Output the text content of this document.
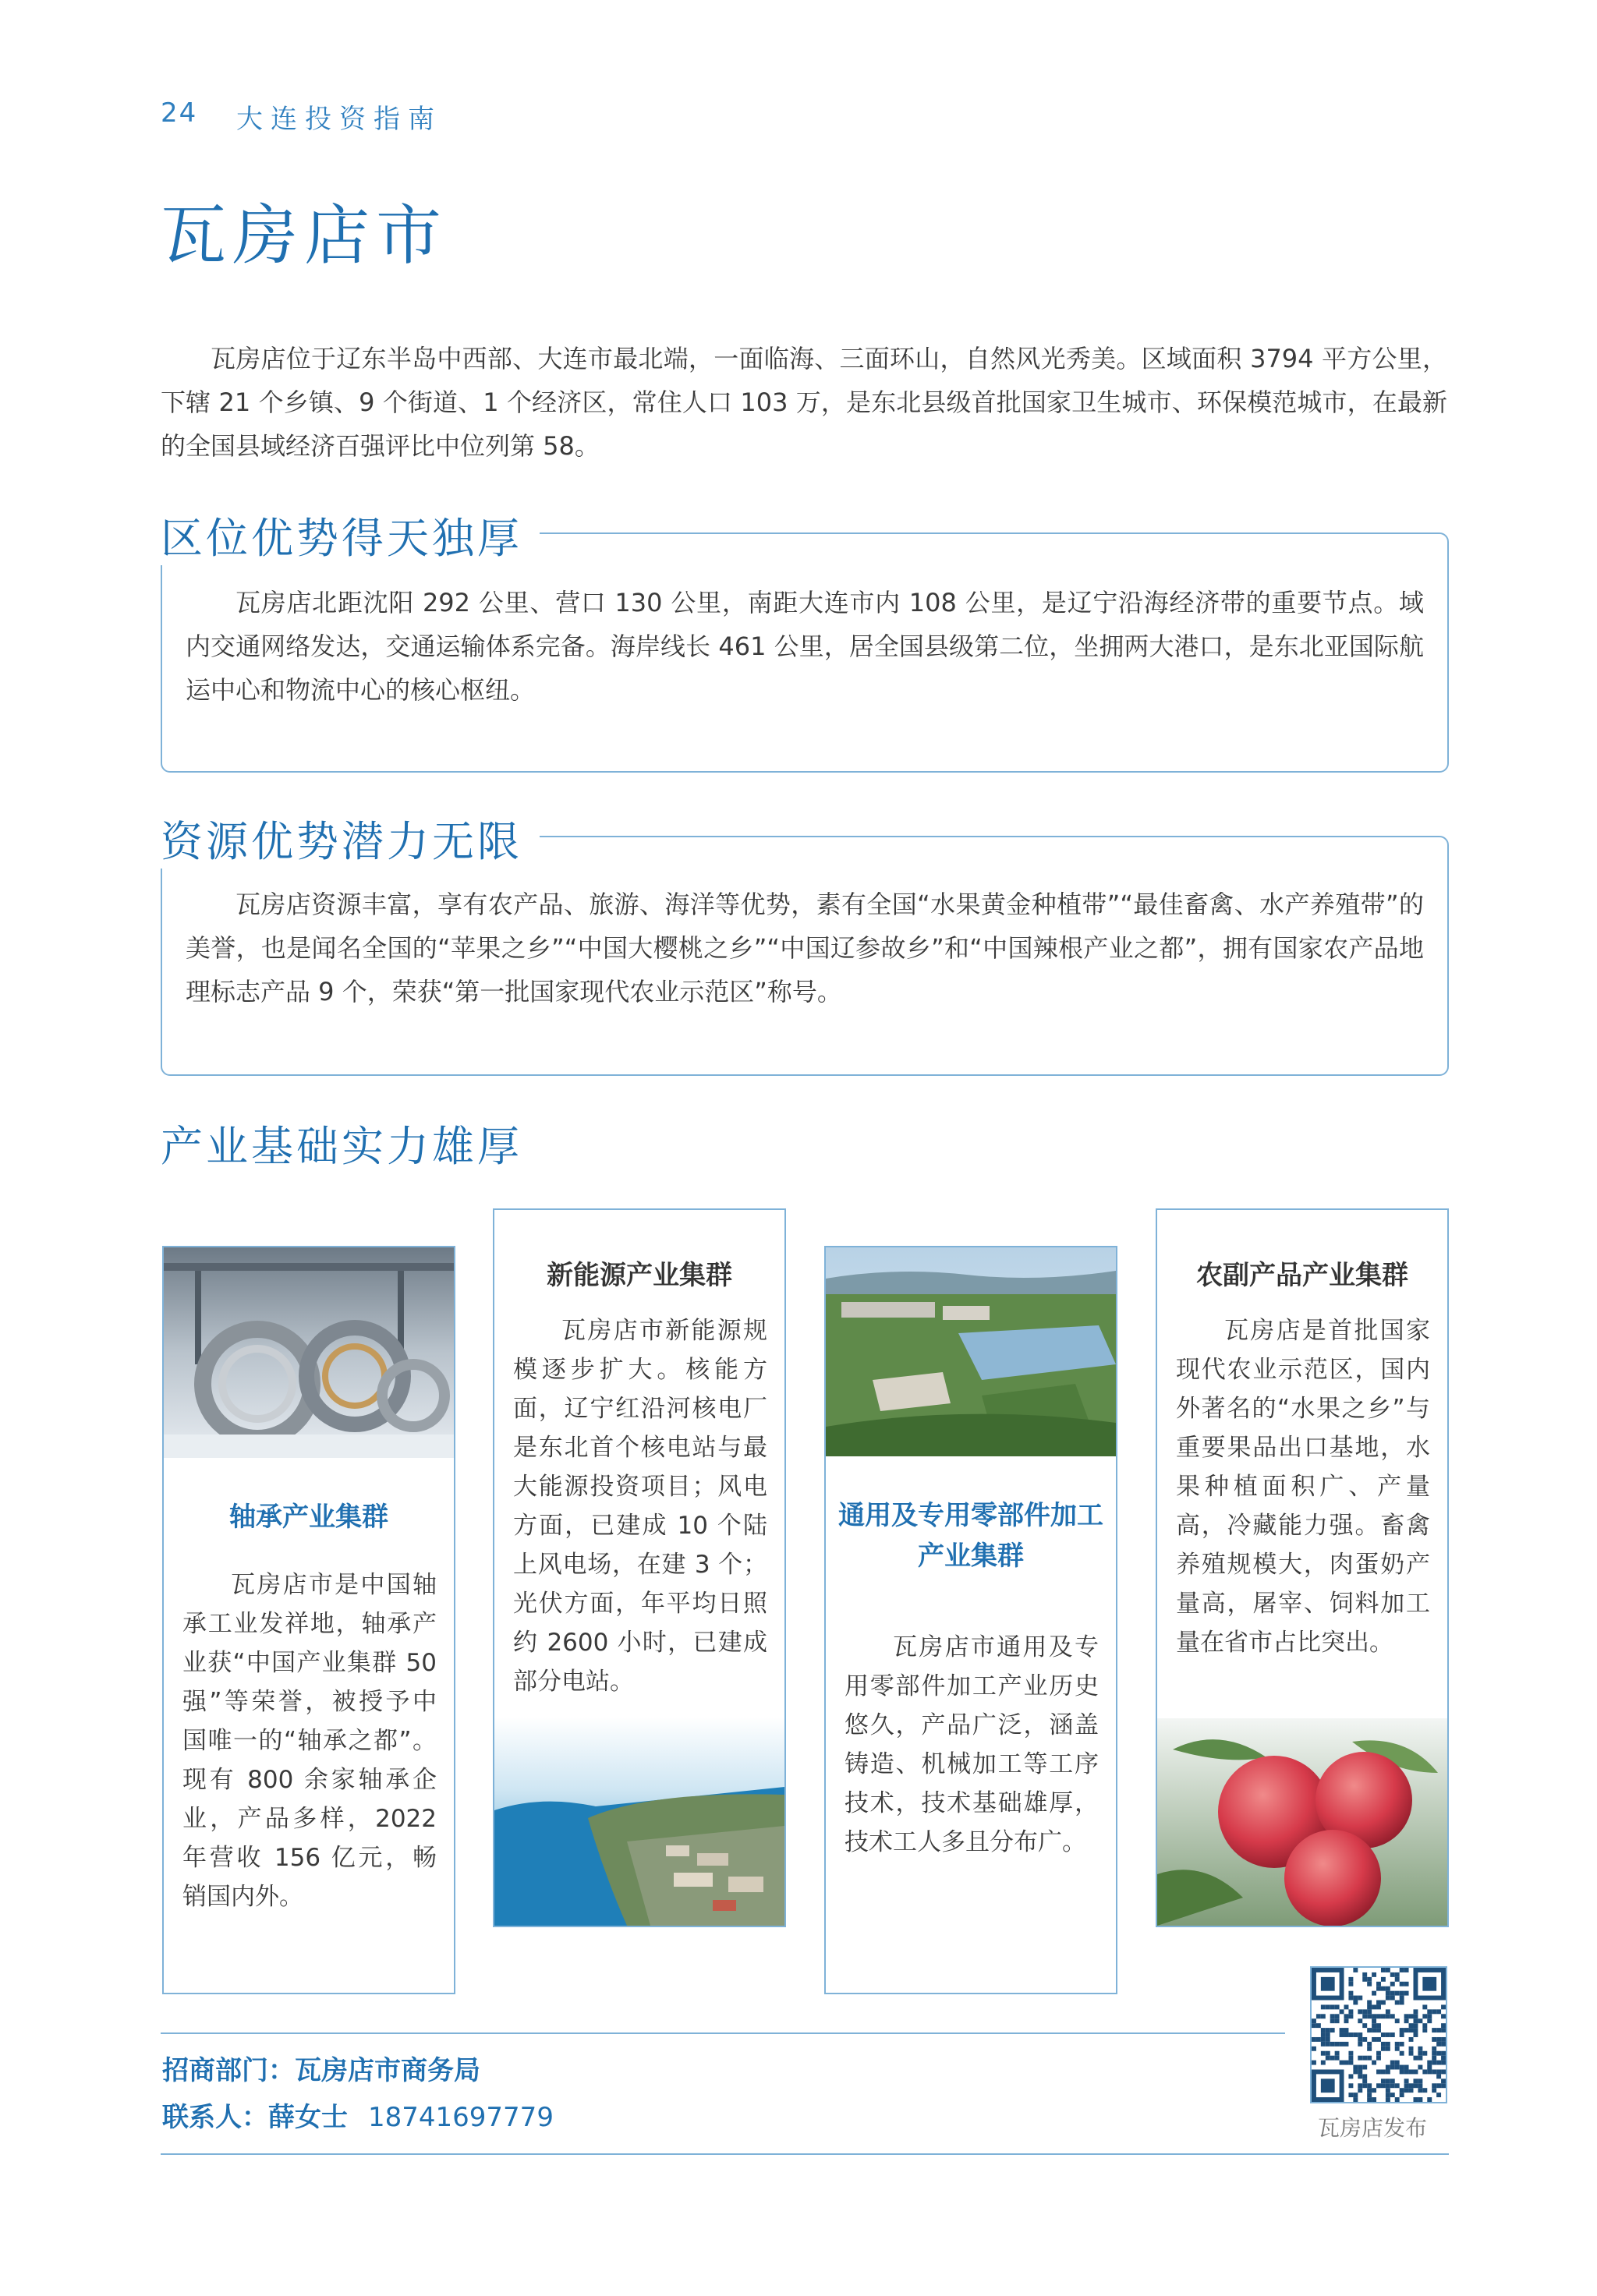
24 大连投资指南
瓦房店市

瓦房店位于辽东半岛中西部、大连市最北端，一面临海、三面环山，自然风光秀美。区域面积 3794 平方公里，下辖 21 个乡镇、9 个街道、1 个经济区，常住人口 103 万，是东北县级首批国家卫生城市、环保模范城市，在最新的全国县域经济百强评比中位列第 58。

瓦房店北距沈阳 292 公里、营口 130 公里，南距大连市内 108 公里，是辽宁沿海经济带的重要节点。域内交通网络发达，交通运输体系完备。海岸线长 461 公里，居全国县级第二位，坐拥两大港口，是东北亚国际航运中心和物流中心的核心枢纽。

区位优势得天独厚

瓦房店资源丰富，享有农产品、旅游、海洋等优势，素有全国“水果黄金种植带”“最佳畜禽、水产养殖带”的美誉，也是闻名全国的“苹果之乡”“中国大樱桃之乡”“中国辽参故乡”和“中国辣根产业之都”，拥有国家农产品地理标志产品 9 个，荣获“第一批国家现代农业示范区”称号。

资源优势潜力无限
产业基础实力雄厚
轴承产业集群

瓦房店市是中国轴承工业发祥地，轴承产业获“中国产业集群 50 强”等荣誉，被授予中国唯一的“轴承之都”。现有 800 余家轴承企业，产品多样，2022 年营收 156 亿元，畅销国内外。

新能源产业集群

瓦房店市新能源规模逐步扩大。核能方面，辽宁红沿河核电厂是东北首个核电站与最大能源投资项目；风电方面，已建成 10 个陆上风电场，在建 3 个；光伏方面，年平均日照约 2600 小时，已建成部分电站。

通用及专用零部件加工产业集群

瓦房店市通用及专用零部件加工产业历史悠久，产品广泛，涵盖铸造、机械加工等工序技术，技术基础雄厚，技术工人多且分布广。

农副产品产业集群

瓦房店是首批国家现代农业示范区，国内外著名的“水果之乡”与重要果品出口基地，水果种植面积广、产量高，冷藏能力强。畜禽养殖规模大，肉蛋奶产量高，屠宰、饲料加工量在省市占比突出。

招商部门：瓦房店市商务局
联系人：薛女士 18741697779	瓦房店发布
